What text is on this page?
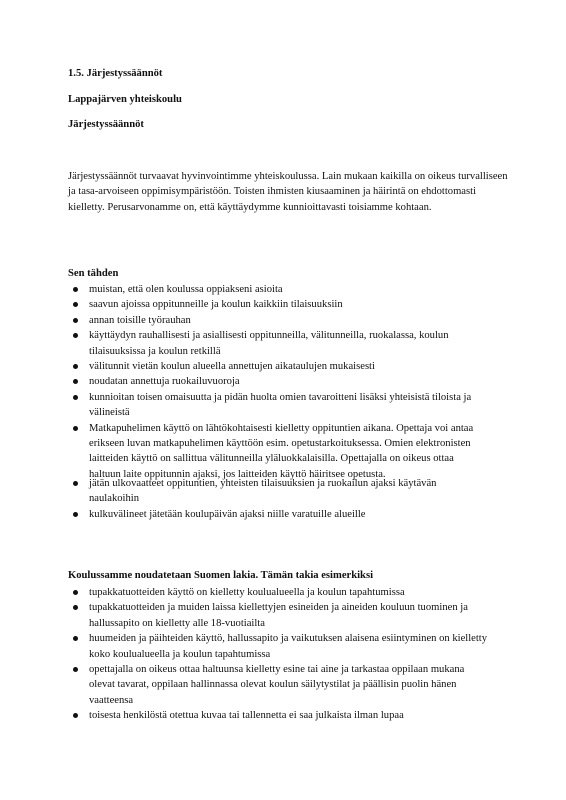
1.5. Järjestyssäännöt
Lappajärven yhteiskoulu
Järjestyssäännöt
Järjestyssäännöt turvaavat hyvinvointimme yhteiskoulussa. Lain mukaan kaikilla on oikeus turvalliseen ja tasa-arvoiseen oppimisympäristöön. Toisten ihmisten kiusaaminen ja häirintä on ehdottomasti kielletty. Perusarvonamme on, että käyttäydymme kunnioittavasti toisiamme kohtaan.
Sen tähden
muistan, että olen koulussa oppiakseni asioita
saavun ajoissa oppitunneille ja koulun kaikkiin tilaisuuksiin
annan toisille työrauhan
käyttäydyn rauhallisesti ja asiallisesti oppitunneilla, välitunneilla, ruokalassa, koulun tilaisuuksissa ja koulun retkillä
välitunnit vietän koulun alueella annettujen aikataulujen mukaisesti
noudatan annettuja ruokailuvuoroja
kunnioitan toisen omaisuutta ja pidän huolta omien tavaroitteni lisäksi yhteisistä tiloista ja välineistä
Matkapuhelimen käyttö on lähtökohtaisesti kielletty oppituntien aikana. Opettaja voi antaa erikseen luvan matkapuhelimen käyttöön esim. opetustarkoituksessa. Omien elektronisten laitteiden käyttö on sallittua välitunneilla yläluokkalaisilla. Opettajalla on oikeus ottaa haltuun laite oppitunnin ajaksi, jos laitteiden käyttö häiritsee opetusta.
jätän ulkovaatteet oppituntien, yhteisten tilaisuuksien ja ruokailun ajaksi käytävän naulakoihin
kulkuvälineet jätetään koulupäivän ajaksi niille varatuille alueille
Koulussamme noudatetaan Suomen lakia. Tämän takia esimerkiksi
tupakkatuotteiden käyttö on kielletty koulualueella ja koulun tapahtumissa
tupakkatuotteiden ja muiden laissa kiellettyjen esineiden ja aineiden kouluun tuominen ja hallussapito on kielletty alle 18-vuotiailta
huumeiden ja päihteiden käyttö, hallussapito ja vaikutuksen alaisena esiintyminen on kielletty koko koulualueella ja koulun tapahtumissa
opettajalla on oikeus ottaa haltuunsa kielletty esine tai aine ja tarkastaa oppilaan mukana olevat tavarat, oppilaan hallinnassa olevat koulun säilytystilat ja päällisin puolin hänen vaatteensa
toisesta henkilöstä otettua kuvaa tai tallennetta ei saa julkaista ilman lupaa
